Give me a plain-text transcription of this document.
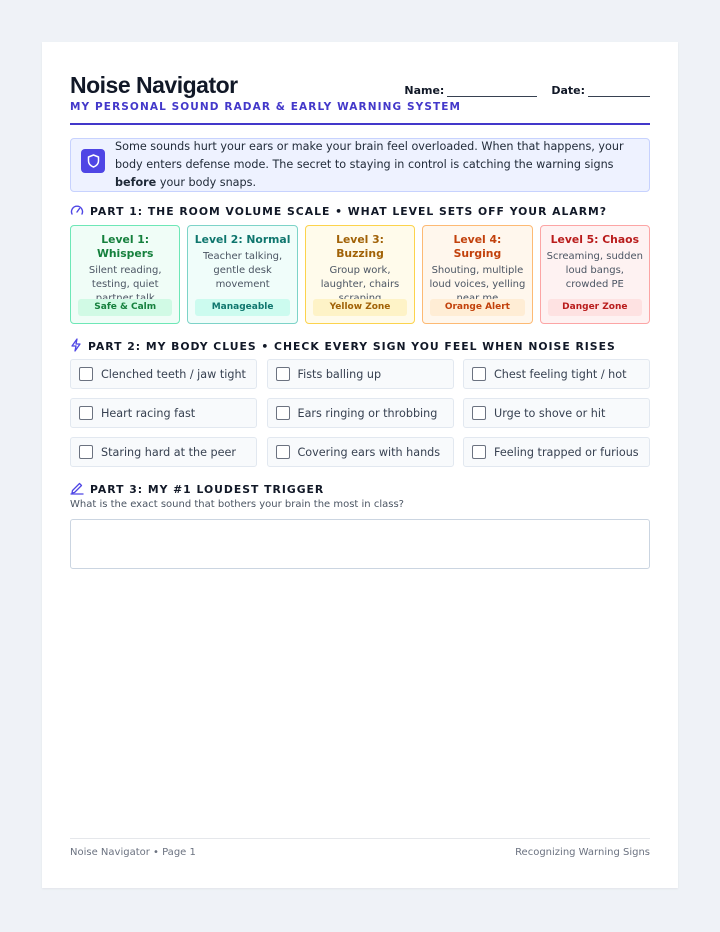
Noise Navigator
MY PERSONAL SOUND RADAR & EARLY WARNING SYSTEM
Name:	Date:

Some sounds hurt your ears or make your brain feel overloaded. When that happens, your body enters defense mode. The secret to staying in control is catching the warning signs before your body snaps.

PART 1: THE ROOM VOLUME SCALE • WHAT LEVEL SETS OFF YOUR ALARM?
Level 1: Whispers
Silent reading, testing, quiet
Safe & Calm
Level 2: Normal
Teacher talking, gentle desk movement
Manageable
Level 3: Buzzing
Group work, laughter, chairs
Yellow Zone
Level 4: Surging
Shouting, multiple loud voices, yelling
Orange Alert
Level 5: Chaos
Screaming, sudden loud bangs, crowded PE
Danger Zone
PART 2: MY BODY CLUES • CHECK EVERY SIGN YOU FEEL WHEN NOISE RISES
Clenched teeth / jaw tight	Fists balling up	Chest feeling tight / hot
Heart racing fast	Ears ringing or throbbing	Urge to shove or hit
Staring hard at the peer	Covering ears with hands	Feeling trapped or furious
PART 3: MY #1 LOUDEST TRIGGER
What is the exact sound that bothers your brain the most in class?
Noise Navigator • Page 1	Recognizing Warning Signs
